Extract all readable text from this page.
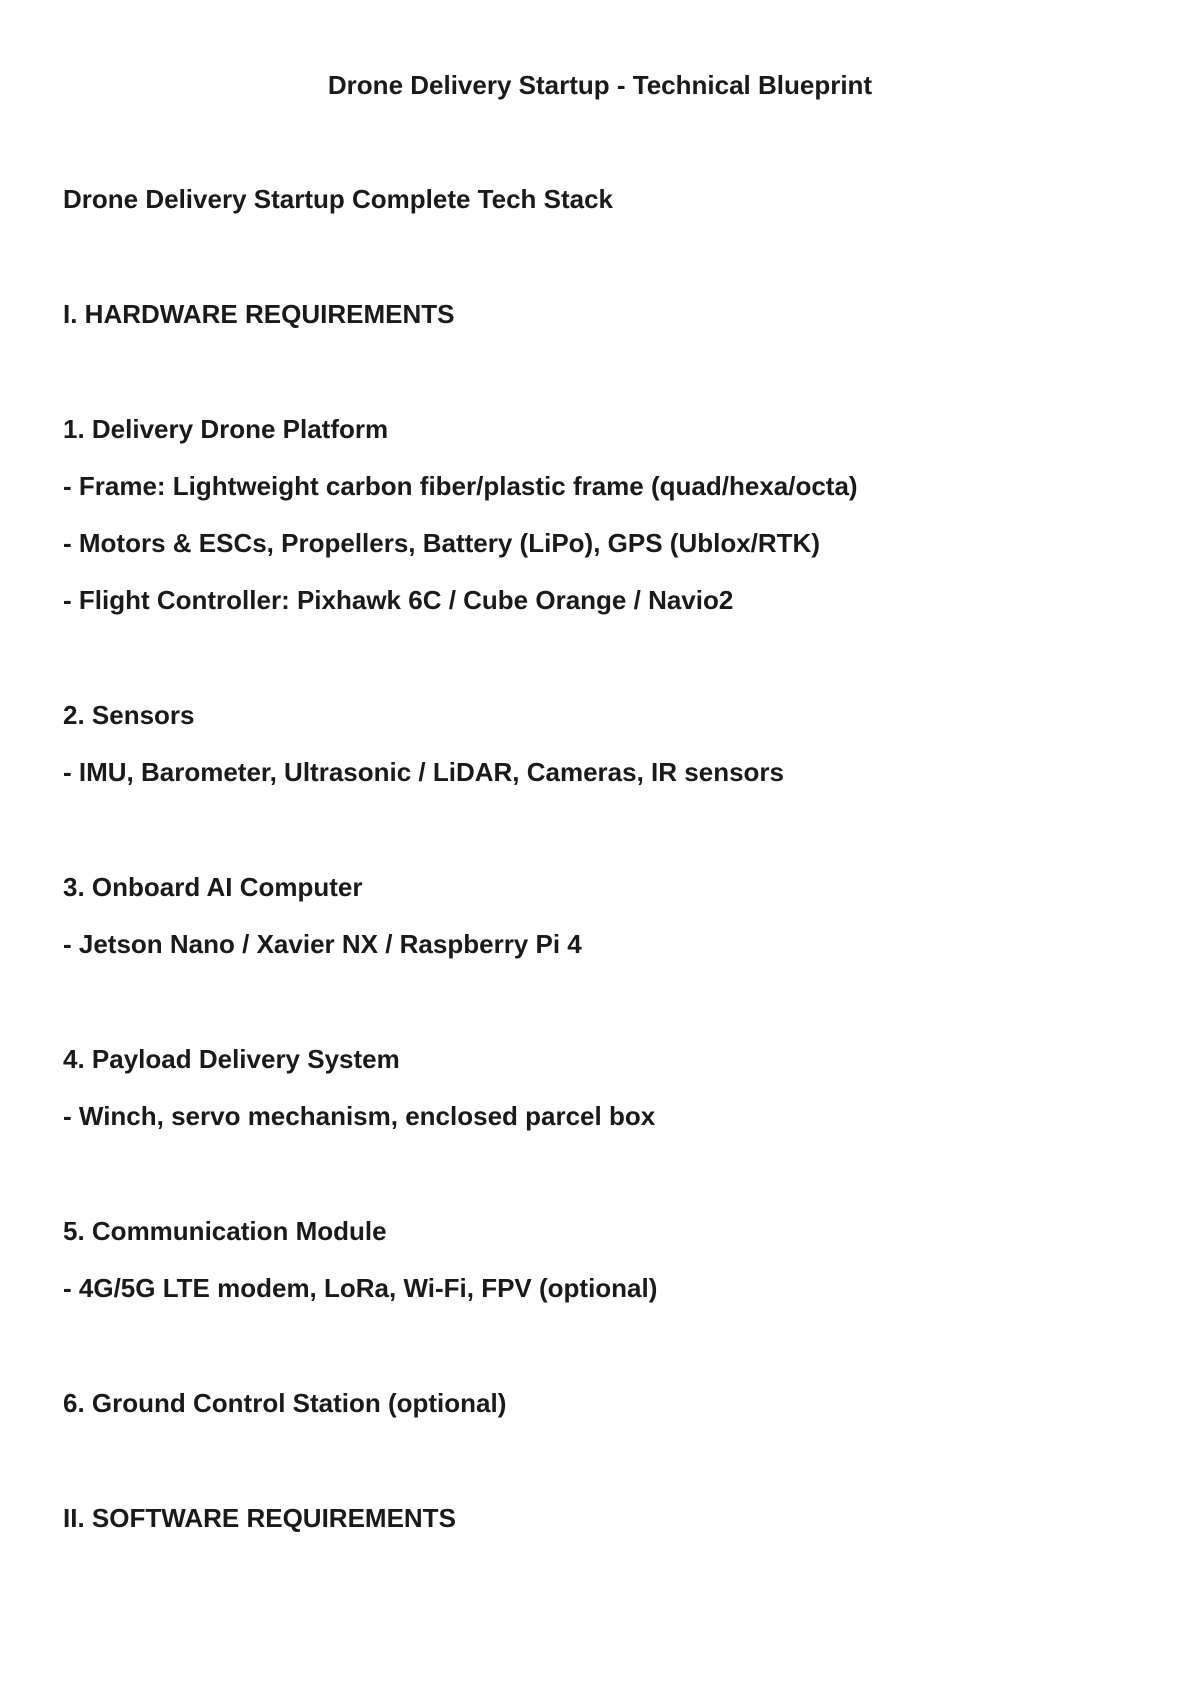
Drone Delivery Startup - Technical Blueprint
Drone Delivery Startup Complete Tech Stack
I. HARDWARE REQUIREMENTS
1. Delivery Drone Platform
- Frame: Lightweight carbon fiber/plastic frame (quad/hexa/octa)
- Motors & ESCs, Propellers, Battery (LiPo), GPS (Ublox/RTK)
- Flight Controller: Pixhawk 6C / Cube Orange / Navio2
2. Sensors
- IMU, Barometer, Ultrasonic / LiDAR, Cameras, IR sensors
3. Onboard AI Computer
- Jetson Nano / Xavier NX / Raspberry Pi 4
4. Payload Delivery System
- Winch, servo mechanism, enclosed parcel box
5. Communication Module
- 4G/5G LTE modem, LoRa, Wi-Fi, FPV (optional)
6. Ground Control Station (optional)
II. SOFTWARE REQUIREMENTS
